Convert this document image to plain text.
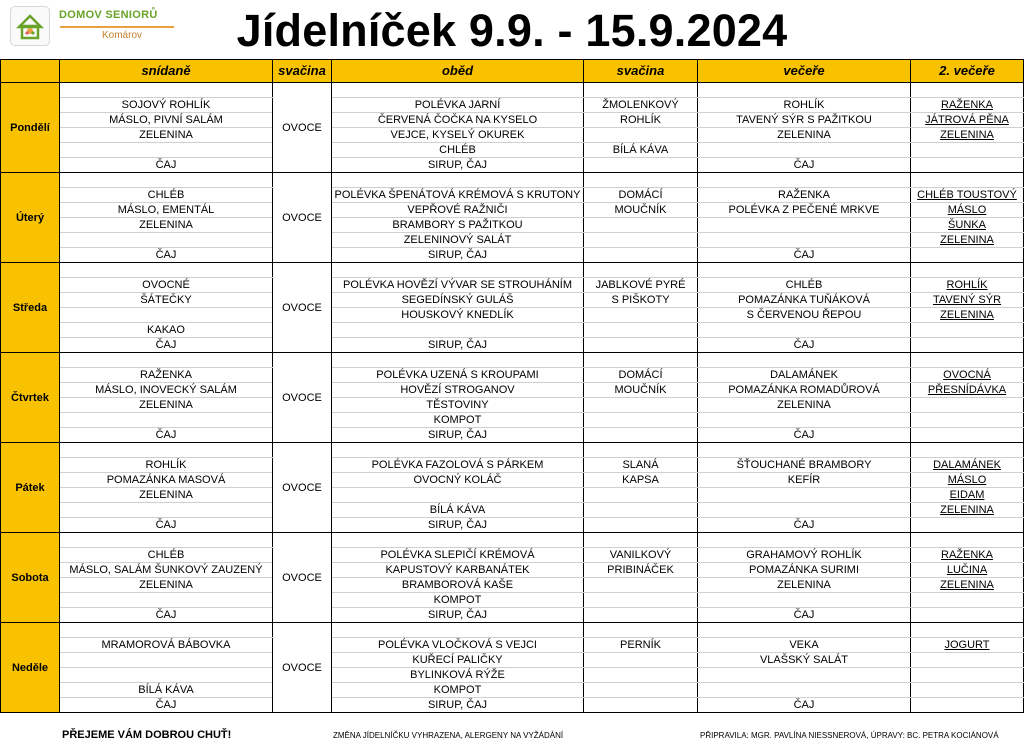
DOMOV SENIORŮ
Komárov	Jídelníček 9.9. - 15.9.2024
	snídaně	svačina	oběd	svačina	večeře	2. večeře
Pondělí		OVOCE				
	SOJOVÝ ROHLÍK		POLÉVKA JARNÍ	ŽMOLENKOVÝ	ROHLÍK	RAŽENKA
	MÁSLO, PIVNÍ SALÁM		ČERVENÁ ČOČKA NA KYSELO	ROHLÍK	TAVENÝ SÝR S PAŽITKOU	JÁTROVÁ PĚNA
	ZELENINA		VEJCE, KYSELÝ OKUREK		ZELENINA	ZELENINA
			CHLÉB	BÍLÁ KÁVA		
	ČAJ		SIRUP, ČAJ		ČAJ	
Úterý		OVOCE				
	CHLÉB		POLÉVKA ŠPENÁTOVÁ KRÉMOVÁ S KRUTONY	DOMÁCÍ	RAŽENKA	CHLÉB TOUSTOVÝ
	MÁSLO, EMENTÁL		VEPŘOVÉ RAŽNIČI	MOUČNÍK	POLÉVKA Z PEČENÉ MRKVE	MÁSLO
	ZELENINA		BRAMBORY S PAŽITKOU			ŠUNKA
			ZELENINOVÝ SALÁT			ZELENINA
	ČAJ		SIRUP, ČAJ		ČAJ	
Středa		OVOCE				
	OVOCNÉ		POLÉVKA HOVĚZÍ VÝVAR SE STROUHÁNÍM	JABLKOVÉ PYRÉ	CHLÉB	ROHLÍK
	ŠÁTEČKY		SEGEDÍNSKÝ GULÁŠ	S PIŠKOTY	POMAZÁNKA TUŇÁKOVÁ	TAVENÝ SÝR
			HOUSKOVÝ KNEDLÍK		S ČERVENOU ŘEPOU	ZELENINA
	KAKAO					
	ČAJ		SIRUP, ČAJ		ČAJ	
Čtvrtek		OVOCE				
	RAŽENKA		POLÉVKA UZENÁ S KROUPAMI	DOMÁCÍ	DALAMÁNEK	OVOCNÁ
	MÁSLO, INOVECKÝ SALÁM		HOVĚZÍ STROGANOV	MOUČNÍK	POMAZÁNKA ROMADŮROVÁ	PŘESNÍDÁVKA
	ZELENINA		TĚSTOVINY		ZELENINA	
			KOMPOT			
	ČAJ		SIRUP, ČAJ		ČAJ	
Pátek		OVOCE				
	ROHLÍK		POLÉVKA FAZOLOVÁ S PÁRKEM	SLANÁ	ŠŤOUCHANÉ BRAMBORY	DALAMÁNEK
	POMAZÁNKA MASOVÁ		OVOCNÝ KOLÁČ	KAPSA	KEFÍR	MÁSLO
	ZELENINA					EIDAM
			BÍLÁ KÁVA			ZELENINA
	ČAJ		SIRUP, ČAJ		ČAJ	
Sobota		OVOCE				
	CHLÉB		POLÉVKA SLEPIČÍ KRÉMOVÁ	VANILKOVÝ	GRAHAMOVÝ ROHLÍK	RAŽENKA
	MÁSLO, SALÁM ŠUNKOVÝ ZAUZENÝ		KAPUSTOVÝ KARBANÁTEK	PRIBINÁČEK	POMAZÁNKA SURIMI	LUČINA
	ZELENINA		BRAMBOROVÁ KAŠE		ZELENINA	ZELENINA
			KOMPOT			
	ČAJ		SIRUP, ČAJ		ČAJ	
Neděle		OVOCE				
	MRAMOROVÁ BÁBOVKA		POLÉVKA VLOČKOVÁ S VEJCI	PERNÍK	VEKA	JOGURT
			KUŘECÍ PALIČKY		VLAŠSKÝ SALÁT	
			BYLINKOVÁ RÝŽE			
	BÍLÁ KÁVA		KOMPOT			
	ČAJ		SIRUP, ČAJ		ČAJ	
PŘEJEME VÁM DOBROU CHUŤ!	ZMĚNA JÍDELNÍČKU VYHRAZENA, ALERGENY NA VYŽÁDÁNÍ	PŘIPRAVILA: MGR. PAVLÍNA NIESSNEROVÁ, ÚPRAVY: BC. PETRA KOCIÁNOVÁ
